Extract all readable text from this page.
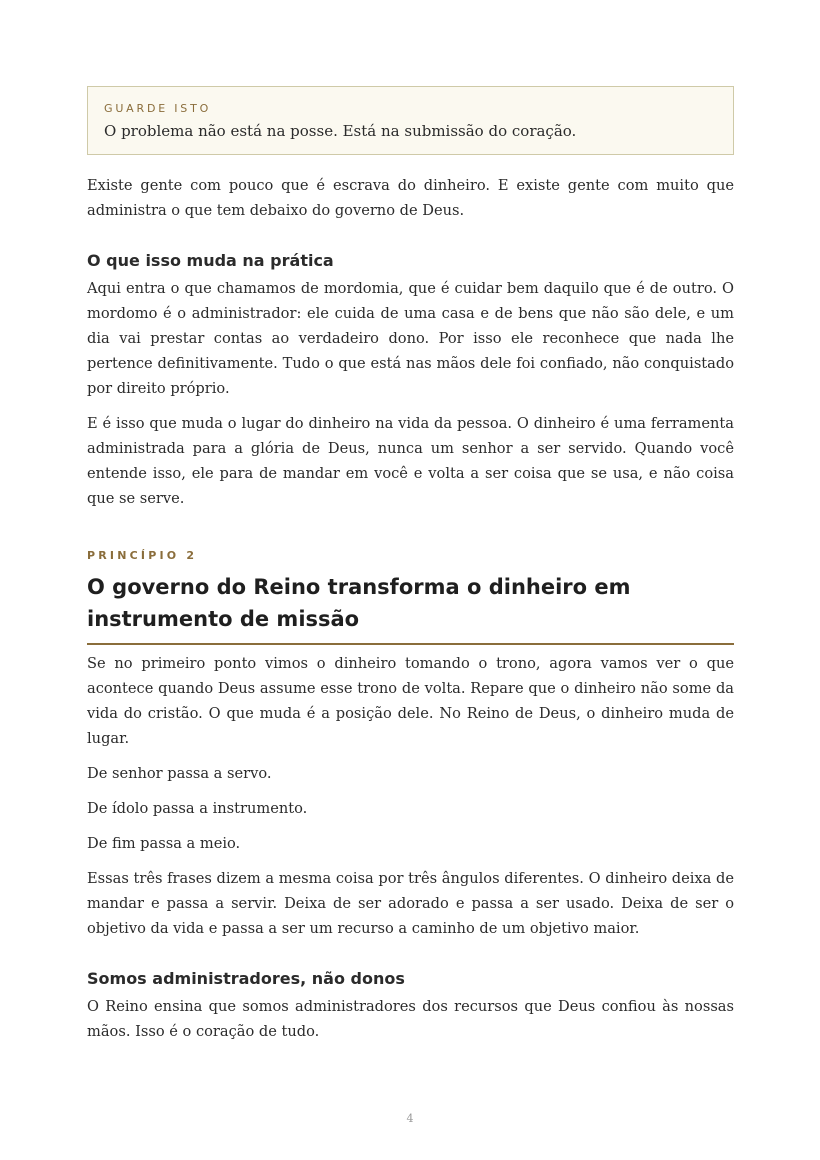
GUARDE ISTO
O problema não está na posse. Está na submissão do coração.

Existe gente com pouco que é escrava do dinheiro. E existe gente com muito que administra o que tem debaixo do governo de Deus.

O que isso muda na prática

Aqui entra o que chamamos de mordomia, que é cuidar bem daquilo que é de outro. O mordomo é o administrador: ele cuida de uma casa e de bens que não são dele, e um dia vai prestar contas ao verdadeiro dono. Por isso ele reconhece que nada lhe pertence definitivamente. Tudo o que está nas mãos dele foi confiado, não conquistado por direito próprio.

E é isso que muda o lugar do dinheiro na vida da pessoa. O dinheiro é uma ferramenta administrada para a glória de Deus, nunca um senhor a ser servido. Quando você entende isso, ele para de mandar em você e volta a ser coisa que se usa, e não coisa que se serve.

PRINCÍPIO 2
O governo do Reino transforma o dinheiro em instrumento de missão

Se no primeiro ponto vimos o dinheiro tomando o trono, agora vamos ver o que acontece quando Deus assume esse trono de volta. Repare que o dinheiro não some da vida do cristão. O que muda é a posição dele. No Reino de Deus, o dinheiro muda de lugar.

De senhor passa a servo.

De ídolo passa a instrumento.

De fim passa a meio.

Essas três frases dizem a mesma coisa por três ângulos diferentes. O dinheiro deixa de mandar e passa a servir. Deixa de ser adorado e passa a ser usado. Deixa de ser o objetivo da vida e passa a ser um recurso a caminho de um objetivo maior.

Somos administradores, não donos

O Reino ensina que somos administradores dos recursos que Deus confiou às nossas mãos. Isso é o coração de tudo.

4
